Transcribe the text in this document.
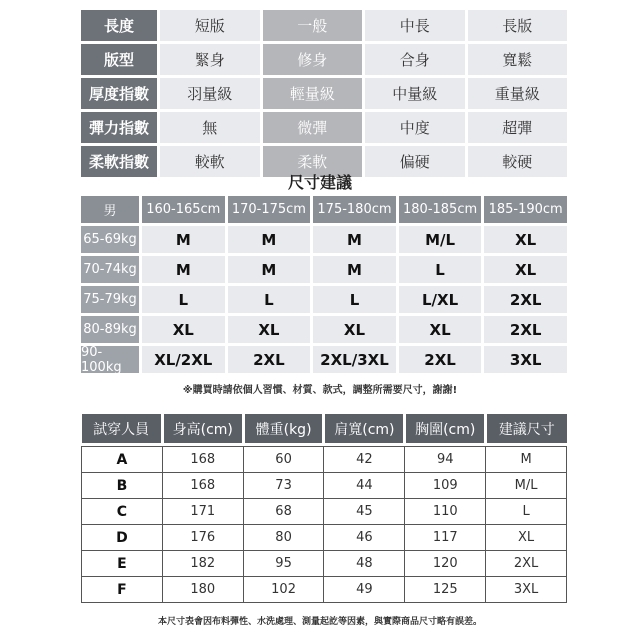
長度	短版	一般	中長	長版
版型	緊身	修身	合身	寬鬆
厚度指數	羽量級	輕量級	中量級	重量級
彈力指數	無	微彈	中度	超彈
柔軟指數	較軟	柔軟	偏硬	較硬
尺寸建議
男	160-165cm 170-175cm 175-180cm 180-185cm 185-190cm
65-69kg	M	M	M	M/L	XL
70-74kg	M	M	M	L	XL
75-79kg	L	L	L	L/XL	2XL
80-89kg	XL	XL	XL	XL	2XL
90-100kg	XL/2XL	2XL	2XL/3XL	2XL	3XL
※購買時請依個人習慣、材質、款式，調整所需要尺寸，謝謝!
試穿人員	身高(cm)	體重(kg)	肩寬(cm)	胸圍(cm)	建議尺寸

A	168	60	42	94	M
B	168	73	44	109	M/L
C	171	68	45	110	L
D	176	80	46	117	XL
E	182	95	48	120	2XL
F	180	102	49	125	3XL
本尺寸表會因布料彈性、水洗處理、測量起訖等因素，與實際商品尺寸略有誤差。
